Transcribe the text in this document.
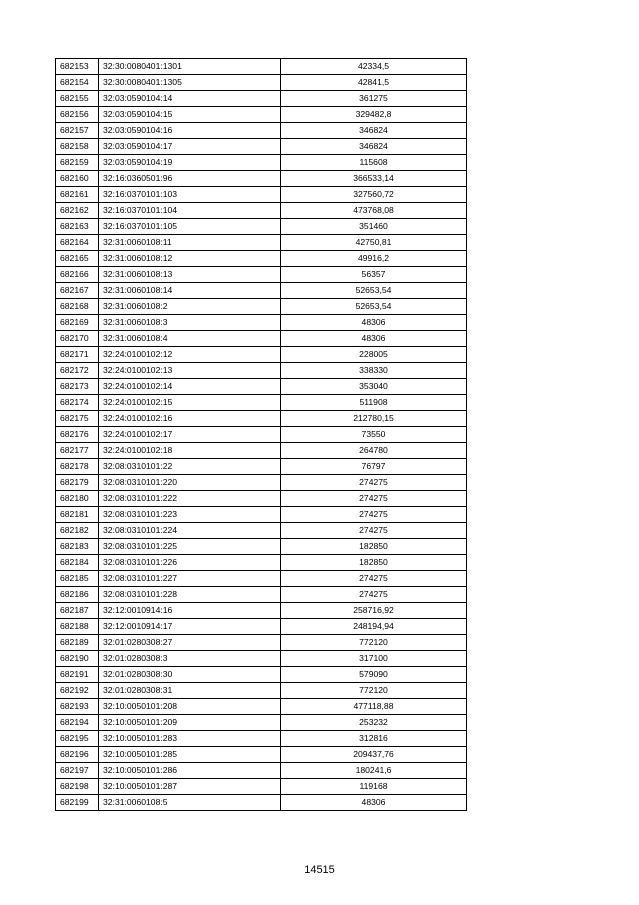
682153	32:30:0080401:1301	42334,5
682154	32:30:0080401:1305	42841,5
682155	32:03:0590104:14	361275
682156	32:03:0590104:15	329482,8
682157	32:03:0590104:16	346824
682158	32:03:0590104:17	346824
682159	32:03:0590104:19	115608
682160	32:16:0360501:96	366533,14
682161	32:16:0370101:103	327560,72
682162	32:16:0370101:104	473768,08
682163	32:16:0370101:105	351460
682164	32:31:0060108:11	42750,81
682165	32:31:0060108:12	49916,2
682166	32:31:0060108:13	56357
682167	32:31:0060108:14	52653,54
682168	32:31:0060108:2	52653,54
682169	32:31:0060108:3	48306
682170	32:31:0060108:4	48306
682171	32:24:0100102:12	228005
682172	32:24:0100102:13	338330
682173	32:24:0100102:14	353040
682174	32:24:0100102:15	511908
682175	32:24:0100102:16	212780,15
682176	32:24:0100102:17	73550
682177	32:24:0100102:18	264780
682178	32:08:0310101:22	76797
682179	32:08:0310101:220	274275
682180	32:08:0310101:222	274275
682181	32:08:0310101:223	274275
682182	32:08:0310101:224	274275
682183	32:08:0310101:225	182850
682184	32:08:0310101:226	182850
682185	32:08:0310101:227	274275
682186	32:08:0310101:228	274275
682187	32:12:0010914:16	258716,92
682188	32:12:0010914:17	248194,94
682189	32:01:0280308:27	772120
682190	32:01:0280308:3	317100
682191	32:01:0280308:30	579090
682192	32:01:0280308:31	772120
682193	32:10:0050101:208	477118,88
682194	32:10:0050101:209	253232
682195	32:10:0050101:283	312816
682196	32:10:0050101:285	209437,76
682197	32:10:0050101:286	180241,6
682198	32:10:0050101:287	119168
682199	32:31:0060108:5	48306
14515
